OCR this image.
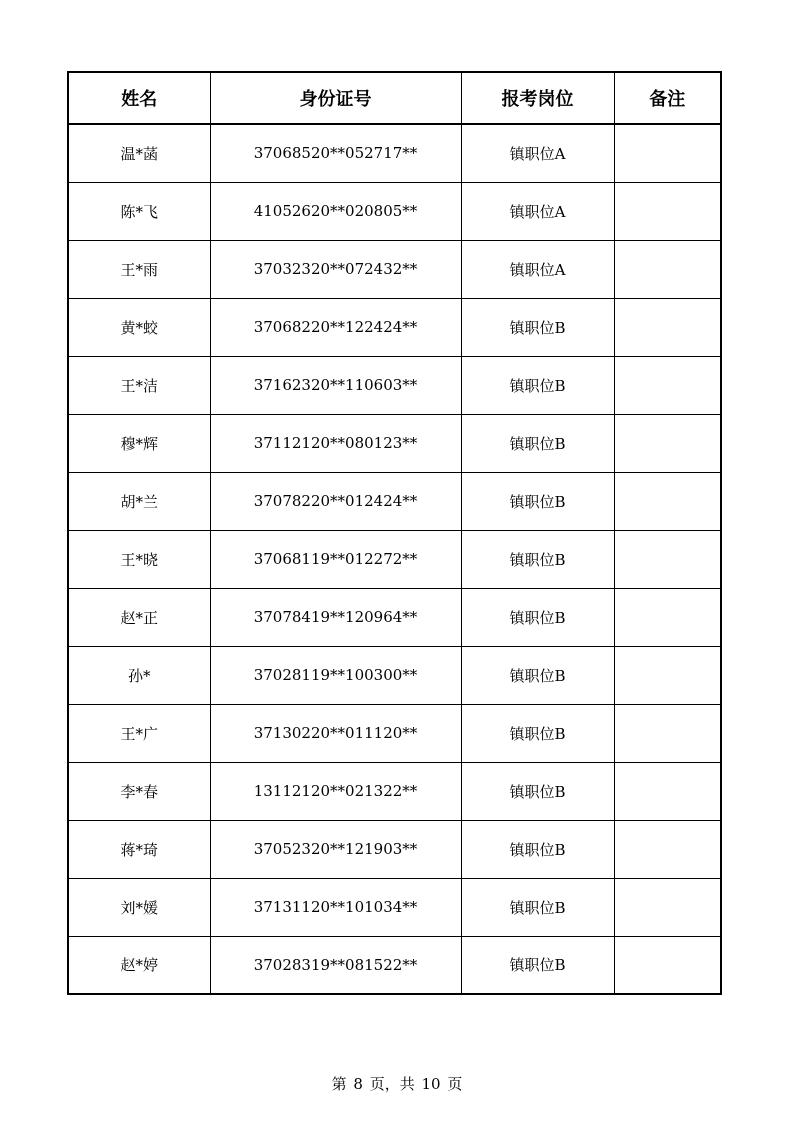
姓名	身份证号	报考岗位	备注
温*菡	37068520**052717**	镇职位A	
陈*飞	41052620**020805**	镇职位A	
王*雨	37032320**072432**	镇职位A	
黄*蛟	37068220**122424**	镇职位B	
王*洁	37162320**110603**	镇职位B	
穆*辉	37112120**080123**	镇职位B	
胡*兰	37078220**012424**	镇职位B	
王*晓	37068119**012272**	镇职位B	
赵*正	37078419**120964**	镇职位B	
孙*	37028119**100300**	镇职位B	
王*广	37130220**011120**	镇职位B	
李*春	13112120**021322**	镇职位B	
蒋*琦	37052320**121903**	镇职位B	
刘*媛	37131120**101034**	镇职位B	
赵*婷	37028319**081522**	镇职位B	
第 8 页，共 10 页
